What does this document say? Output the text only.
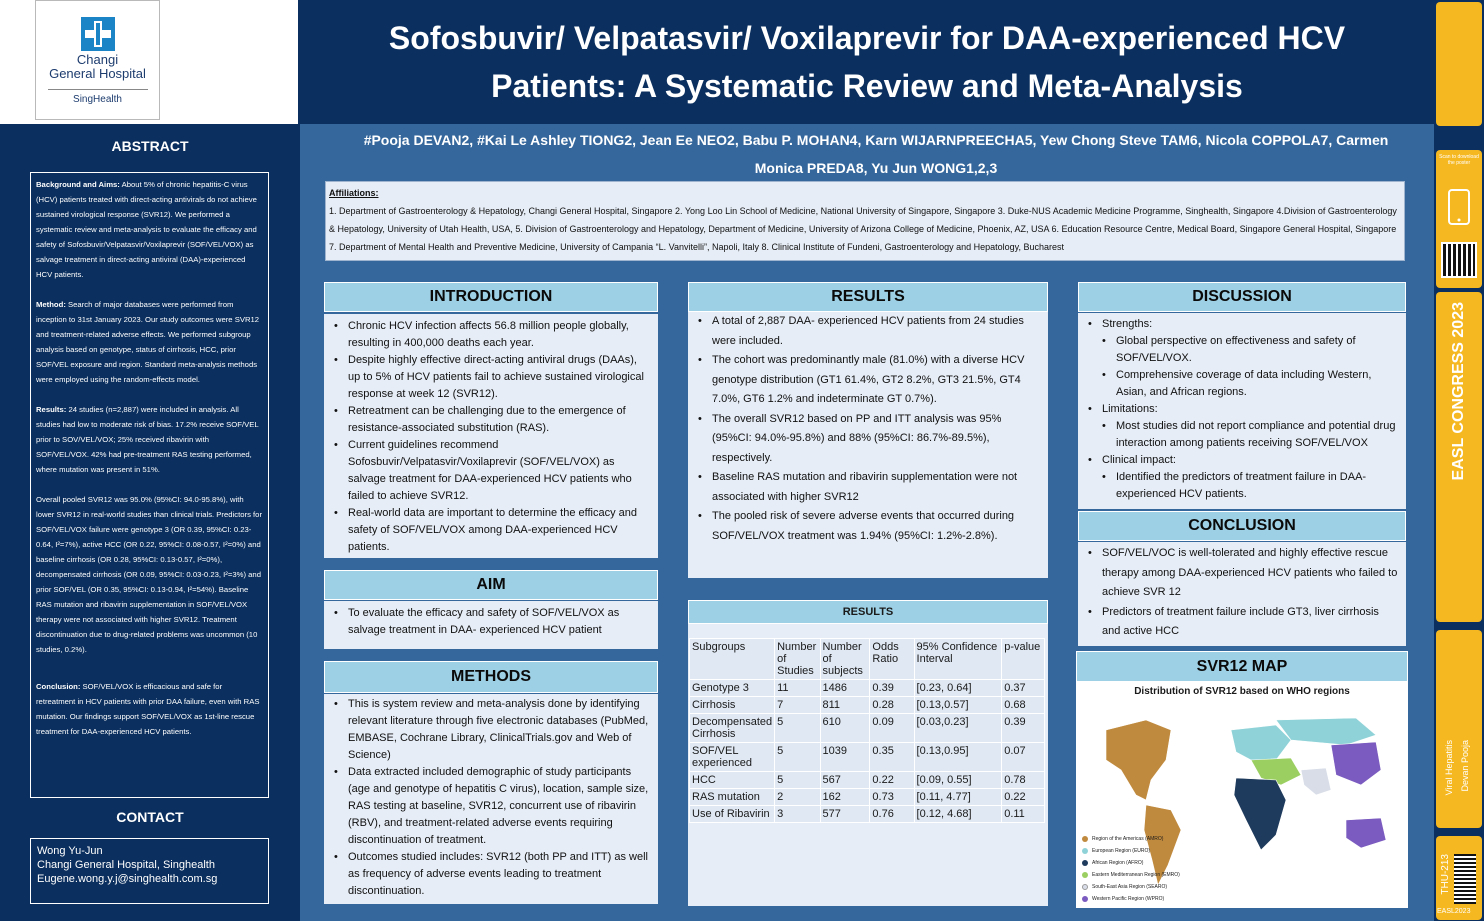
Changi
General Hospital
SingHealth
ABSTRACT

Background and Aims: About 5% of chronic hepatitis-C virus (HCV) patients treated with direct-acting antivirals do not achieve sustained virological response (SVR12). We performed a systematic review and meta-analysis to evaluate the efficacy and safety of Sofosbuvir/Velpatasvir/Voxilaprevir (SOF/VEL/VOX) as salvage treatment in direct-acting antiviral (DAA)-experienced HCV patients.

Method: Search of major databases were performed from inception to 31st January 2023. Our study outcomes were SVR12 and treatment-related adverse effects. We performed subgroup analysis based on genotype, status of cirrhosis, HCC, prior SOF/VEL exposure and region. Standard meta-analysis methods were employed using the random-effects model.

Results: 24 studies (n=2,887) were included in analysis. All studies had low to moderate risk of bias. 17.2% receive SOF/VEL prior to SOV/VEL/VOX; 25% received ribavirin with SOF/VEL/VOX. 42% had pre-treatment RAS testing performed, where mutation was present in 51%.

Overall pooled SVR12 was 95.0% (95%CI: 94.0-95.8%), with lower SVR12 in real-world studies than clinical trials. Predictors for SOF/VEL/VOX failure were genotype 3 (OR 0.39, 95%CI: 0.23-0.64, I²=7%), active HCC (OR 0.22, 95%CI: 0.08-0.57, I²=0%) and baseline cirrhosis (OR 0.28, 95%CI: 0.13-0.57, I²=0%), decompensated cirrhosis (OR 0.09, 95%CI: 0.03-0.23, I²=3%) and prior SOF/VEL (OR 0.35, 95%CI: 0.13-0.94, I²=54%). Baseline RAS mutation and ribavirin supplementation in SOF/VEL/VOX therapy were not associated with higher SVR12. Treatment discontinuation due to drug-related problems was uncommon (10 studies, 0.2%).

Conclusion: SOF/VEL/VOX is efficacious and safe for retreatment in HCV patients with prior DAA failure, even with RAS mutation. Our findings support SOF/VEL/VOX as 1st-line rescue treatment for DAA-experienced HCV patients.

CONTACT
Wong Yu-Jun
Changi General Hospital, Singhealth
Eugene.wong.y.j@singhealth.com.sg
Sofosbuvir/ Velpatasvir/ Voxilaprevir for DAA-experienced HCV Patients: A Systematic Review and Meta-Analysis
#Pooja DEVAN2, #Kai Le Ashley TIONG2, Jean Ee NEO2, Babu P. MOHAN4, Karn WIJARNPREECHA5, Yew Chong Steve TAM6, Nicola COPPOLA7, Carmen
Monica PREDA8, Yu Jun WONG1,2,3
Affiliations:
1. Department of Gastroenterology & Hepatology, Changi General Hospital, Singapore 2. Yong Loo Lin School of Medicine, National University of Singapore, Singapore 3. Duke-NUS Academic Medicine Programme, Singhealth, Singapore 4.Division of Gastroenterology & Hepatology, University of Utah Health, USA, 5. Division of Gastroenterology and Hepatology, Department of Medicine, University of Arizona College of Medicine, Phoenix, AZ, USA 6. Education Resource Centre, Medical Board, Singapore General Hospital, Singapore 7. Department of Mental Health and Preventive Medicine, University of Campania “L. Vanvitelli”, Napoli, Italy 8. Clinical Institute of Fundeni, Gastroenterology and Hepatology, Bucharest
INTRODUCTION
• Chronic HCV infection affects 56.8 million people globally, resulting in 400,000 deaths each year.
• Despite highly effective direct-acting antiviral drugs (DAAs), up to 5% of HCV patients fail to achieve sustained virological response at week 12 (SVR12).
• Retreatment can be challenging due to the emergence of resistance-associated substitution (RAS).
• Current guidelines recommend Sofosbuvir/Velpatasvir/Voxilaprevir (SOF/VEL/VOX) as salvage treatment for DAA-experienced HCV patients who failed to achieve SVR12.
• Real-world data are important to determine the efficacy and safety of SOF/VEL/VOX among DAA-experienced HCV patients.
AIM
• To evaluate the efficacy and safety of SOF/VEL/VOX as salvage treatment in DAA- experienced HCV patient
METHODS
• This is system review and meta-analysis done by identifying relevant literature through five electronic databases (PubMed, EMBASE, Cochrane Library, ClinicalTrials.gov and Web of Science)
• Data extracted included demographic of study participants (age and genotype of hepatitis C virus), location, sample size, RAS testing at baseline, SVR12, concurrent use of ribavirin (RBV), and treatment-related adverse events requiring discontinuation of treatment.
• Outcomes studied includes: SVR12 (both PP and ITT) as well as frequency of adverse events leading to treatment discontinuation.
RESULTS
• A total of 2,887 DAA- experienced HCV patients from 24 studies were included.
• The cohort was predominantly male (81.0%) with a diverse HCV genotype distribution (GT1 61.4%, GT2 8.2%, GT3 21.5%, GT4 7.0%, GT6 1.2% and indeterminate GT 0.7%).
• The overall SVR12 based on PP and ITT analysis was 95% (95%CI: 94.0%-95.8%) and 88% (95%CI: 86.7%-89.5%), respectively.
• Baseline RAS mutation and ribavirin supplementation were not associated with higher SVR12
• The pooled risk of severe adverse events that occurred during SOF/VEL/VOX treatment was 1.94% (95%CI: 1.2%-2.8%).
RESULTS
Subgroups	Number of Studies	Number of subjects	Odds Ratio	95% Confidence Interval	p-value
Genotype 3	11	1486	0.39	[0.23, 0.64]	0.37
Cirrhosis	7	811	0.28	[0.13,0.57]	0.68
Decompensated Cirrhosis	5	610	0.09	[0.03,0.23]	0.39
SOF/VEL experienced	5	1039	0.35	[0.13,0.95]	0.07
HCC	5	567	0.22	[0.09, 0.55]	0.78
RAS mutation	2	162	0.73	[0.11, 4.77]	0.22
Use of Ribavirin	3	577	0.76	[0.12, 4.68]	0.11
DISCUSSION
• Strengths:
• Global perspective on effectiveness and safety of SOF/VEL/VOX.
• Comprehensive coverage of data including Western, Asian, and African regions.
• Limitations:
• Most studies did not report compliance and potential drug interaction among patients receiving SOF/VEL/VOX
• Clinical impact:
• Identified the predictors of treatment failure in DAA-experienced HCV patients.
CONCLUSION
• SOF/VEL/VOC is well-tolerated and highly effective rescue therapy among DAA-experienced HCV patients who failed to achieve SVR 12
• Predictors of treatment failure include GT3, liver cirrhosis and active HCC
SVR12 MAP
Distribution of SVR12 based on WHO regions
Region of the Americas (AMRO)
European Region (EURO)
African Region (AFRO)
Eastern Mediterranean Region (EMRO)
South-East Asia Region (SEARO)
Western Pacific Region (WPRO)
Scan to download the poster
EASL CONGRESS 2023
Viral Hepatitis Devan Pooja
THU-213
EASL2023
